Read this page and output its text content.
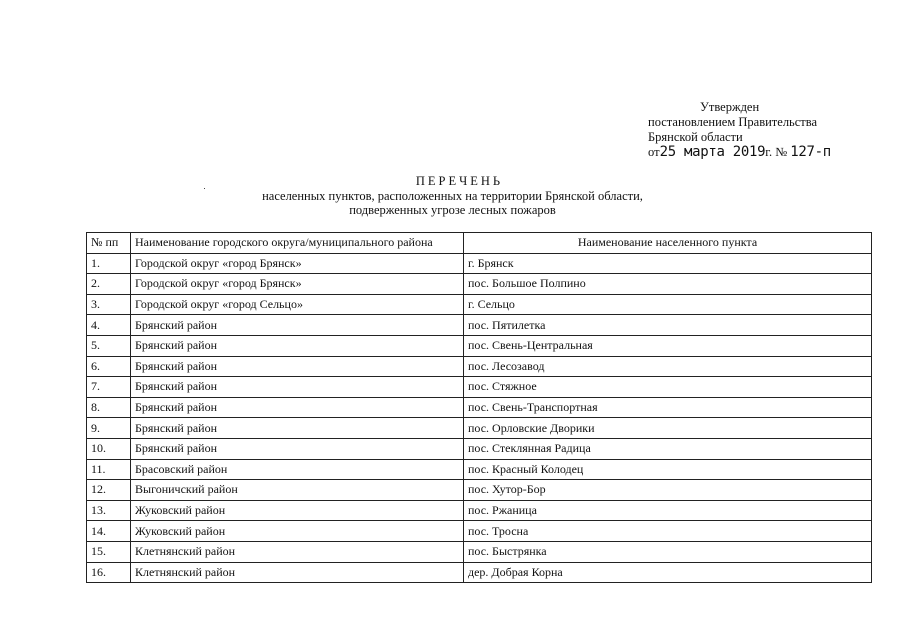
Утвержден
постановлением Правительства
Брянской области
от25 марта 2019г. № 127-п
ПЕРЕЧЕНЬ
населенных пунктов, расположенных на территории Брянской области,
подверженных угрозе лесных пожаров
№ пп	Наименование городского округа/муниципального района	Наименование населенного пункта
1.	Городской округ «город Брянск»	г. Брянск
2.	Городской округ «город Брянск»	пос. Большое Полпино
3.	Городской округ «город Сельцо»	г. Сельцо
4.	Брянский район	пос. Пятилетка
5.	Брянский район	пос. Свень-Центральная
6.	Брянский район	пос. Лесозавод
7.	Брянский район	пос. Стяжное
8.	Брянский район	пос. Свень-Транспортная
9.	Брянский район	пос. Орловские Дворики
10.	Брянский район	пос. Стеклянная Радица
11.	Брасовский район	пос. Красный Колодец
12.	Выгоничский район	пос. Хутор-Бор
13.	Жуковский район	пос. Ржаница
14.	Жуковский район	пос. Тросна
15.	Клетнянский район	пос. Быстрянка
16.	Клетнянский район	дер. Добрая Корна
